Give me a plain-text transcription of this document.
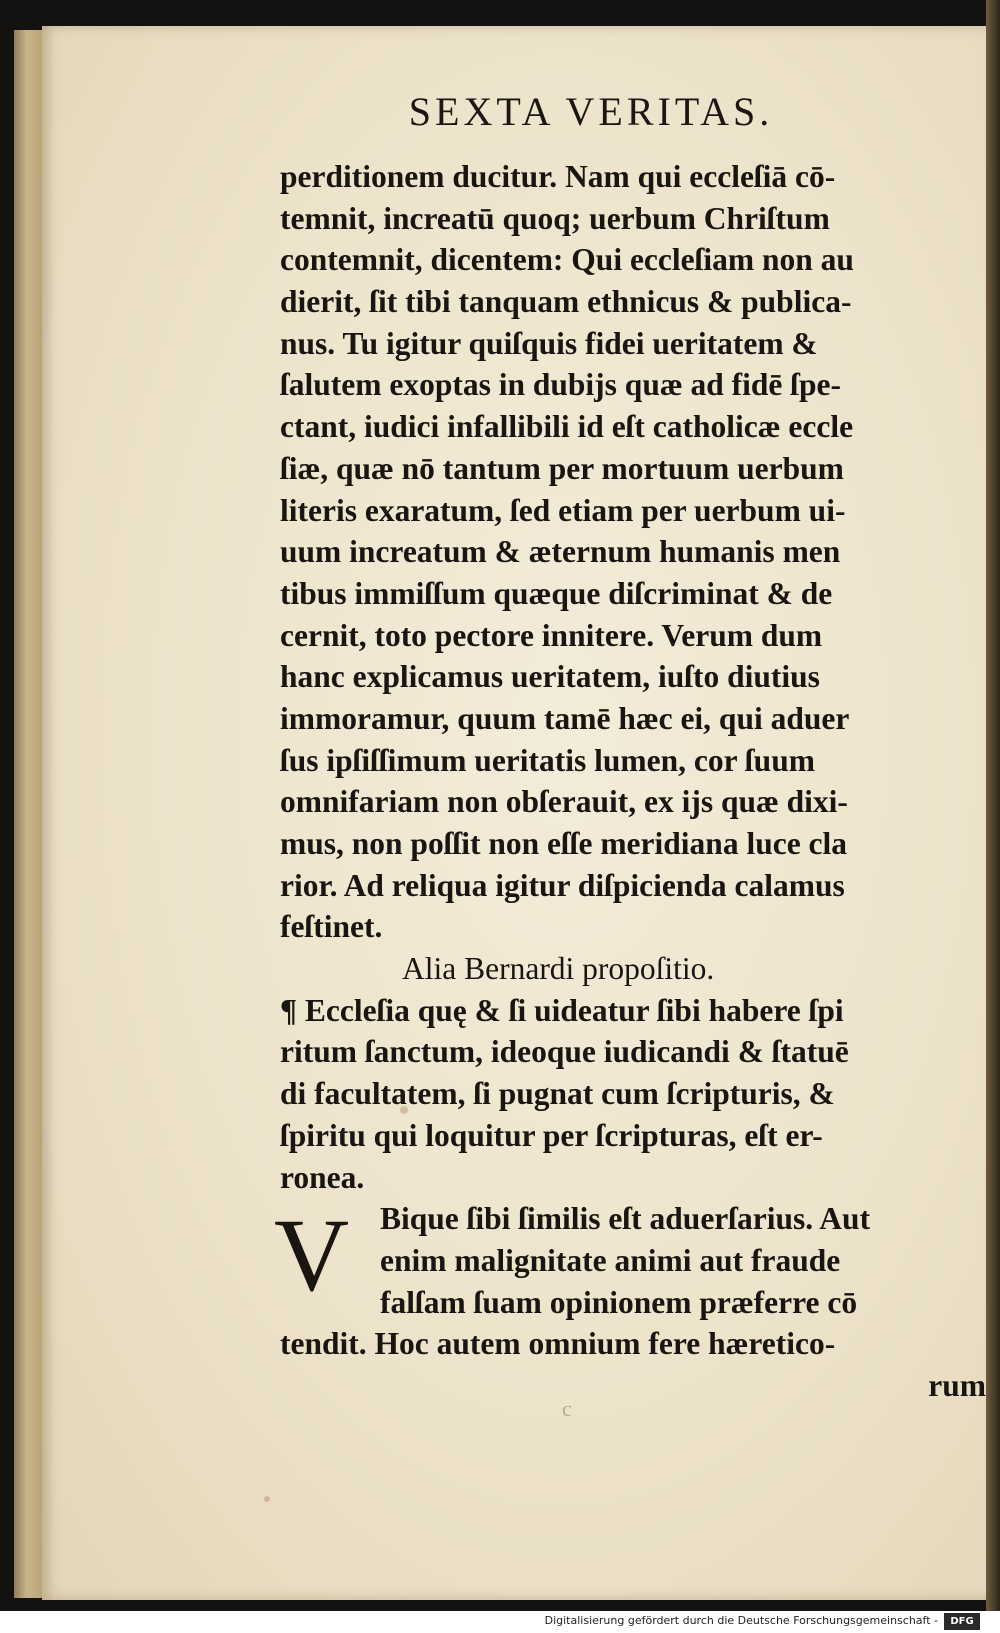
SEXTA VERITAS.
perditionem ducitur. Nam qui eccleſiā cō-
temnit, increatū quoq; uerbum Chriſtum
contemnit, dicentem: Qui eccleſiam non au
dierit, ſit tibi tanquam ethnicus & publica-
nus. Tu igitur quiſquis fidei ueritatem &
ſalutem exoptas in dubijs quæ ad fidē ſpe-
ctant, iudici infallibili id eſt catholicæ eccle
ſiæ, quæ nō tantum per mortuum uerbum
literis exaratum, ſed etiam per uerbum ui-
uum increatum & æternum humanis men
tibus immiſſum quæque diſcriminat & de
cernit, toto pectore innitere. Verum dum
hanc explicamus ueritatem, iuſto diutius
immoramur, quum tamē hæc ei, qui aduer
ſus ipſiſſimum ueritatis lumen, cor ſuum
omnifariam non obſerauit, ex ijs quæ dixi-
mus, non poſſit non eſſe meridiana luce cla
rior. Ad reliqua igitur diſpicienda calamus
feſtinet.
Alia Bernardi propoſitio.
¶ Eccleſia quę & ſi uideatur ſibi habere ſpi
ritum ſanctum, ideoque iudicandi & ſtatuē
di facultatem, ſi pugnat cum ſcripturis, &
ſpiritu qui loquitur per ſcripturas, eſt er-
ronea.
V Bique ſibi ſimilis eſt aduerſarius. Aut
enim malignitate animi aut fraude
falſam ſuam opinionem præferre cō
tendit. Hoc autem omnium fere hæretico-
rum
c
Digitalisierung gefördert durch die Deutsche Forschungsgemeinschaft -	DFG
